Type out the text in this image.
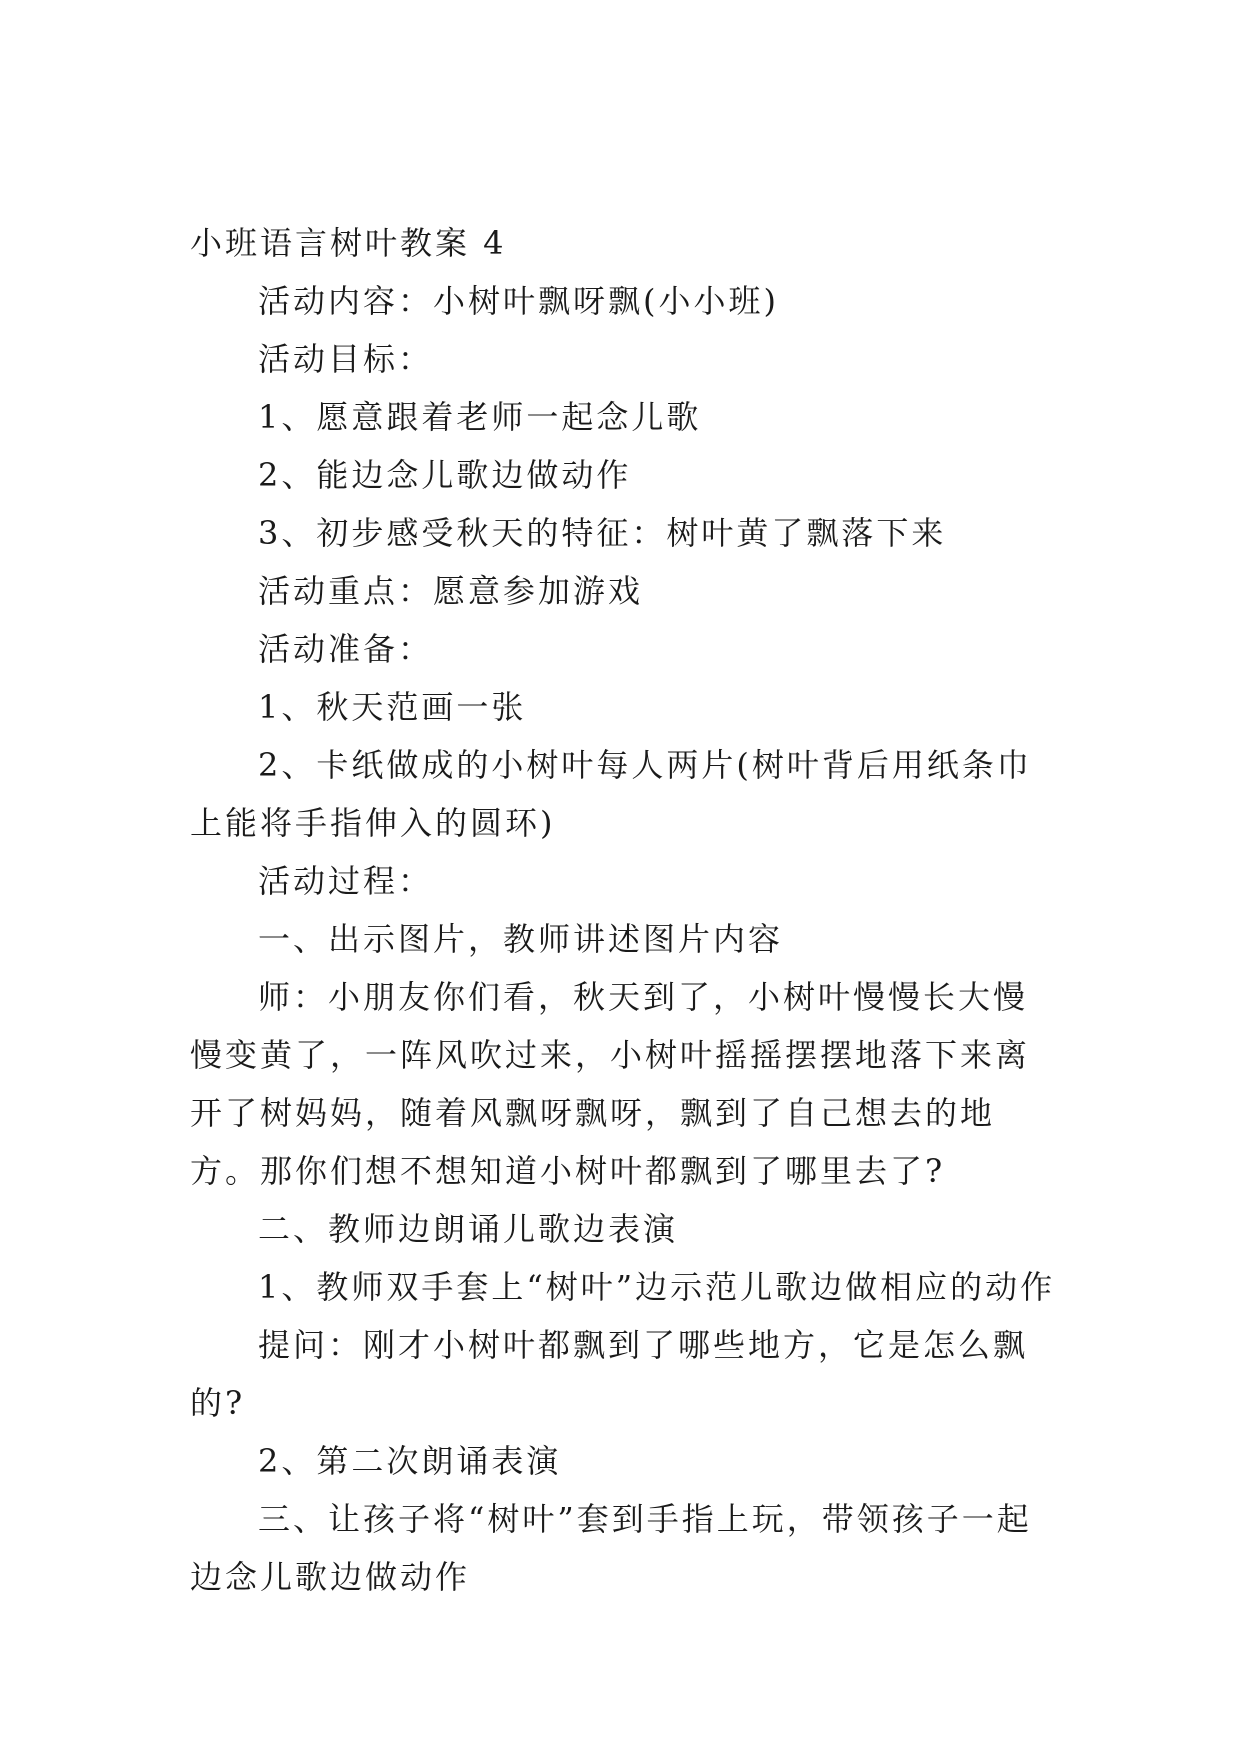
小班语言树叶教案 4

活动内容：小树叶飘呀飘(小小班)

活动目标：

1、愿意跟着老师一起念儿歌

2、能边念儿歌边做动作

3、初步感受秋天的特征：树叶黄了飘落下来

活动重点：愿意参加游戏

活动准备：

1、秋天范画一张

2、卡纸做成的小树叶每人两片(树叶背后用纸条巾上能将手指伸入的圆环)

活动过程：

一、出示图片，教师讲述图片内容

师：小朋友你们看，秋天到了，小树叶慢慢长大慢慢变黄了，一阵风吹过来，小树叶摇摇摆摆地落下来离开了树妈妈，随着风飘呀飘呀，飘到了自己想去的地方。那你们想不想知道小树叶都飘到了哪里去了?

二、教师边朗诵儿歌边表演

1、教师双手套上“树叶”边示范儿歌边做相应的动作

提问：刚才小树叶都飘到了哪些地方，它是怎么飘的?

2、第二次朗诵表演

三、让孩子将“树叶”套到手指上玩，带领孩子一起边念儿歌边做动作
